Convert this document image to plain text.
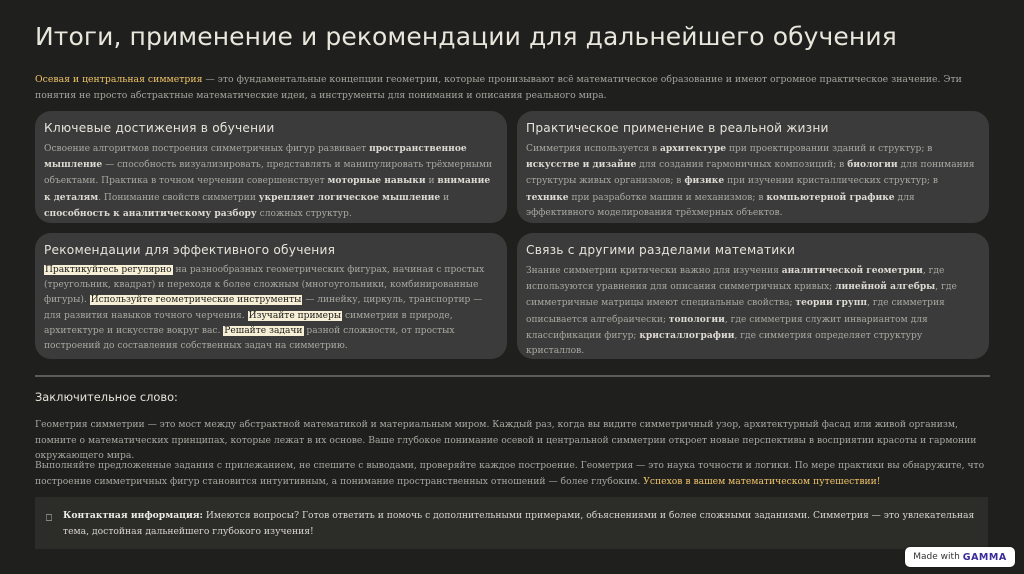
Итоги, применение и рекомендации для дальнейшего обучения

Осевая и центральная симметрия — это фундаментальные концепции геометрии, которые пронизывают всё математическое образование и имеют огромное практическое значение. Эти понятия не просто абстрактные математические идеи, а инструменты для понимания и описания реального мира.

Ключевые достижения в обучении

Освоение алгоритмов построения симметричных фигур развивает пространственное мышление — способность визуализировать, представлять и манипулировать трёхмерными объектами. Практика в точном черчении совершенствует моторные навыки и внимание к деталям. Понимание свойств симметрии укрепляет логическое мышление и способность к аналитическому разбору сложных структур.

Практическое применение в реальной жизни

Симметрия используется в архитектуре при проектировании зданий и структур; в искусстве и дизайне для создания гармоничных композиций; в биологии для понимания структуры живых организмов; в физике при изучении кристаллических структур; в технике при разработке машин и механизмов; в компьютерной графике для эффективного моделирования трёхмерных объектов.

Рекомендации для эффективного обучения

Практикуйтесь регулярно на разнообразных геометрических фигурах, начиная с простых (треугольник, квадрат) и переходя к более сложным (многоугольники, комбинированные фигуры). Используйте геометрические инструменты — линейку, циркуль, транспортир — для развития навыков точного черчения. Изучайте примеры симметрии в природе, архитектуре и искусстве вокруг вас. Решайте задачи разной сложности, от простых построений до составления собственных задач на симметрию.

Связь с другими разделами математики

Знание симметрии критически важно для изучения аналитической геометрии, где используются уравнения для описания симметричных кривых; линейной алгебры, где симметричные матрицы имеют специальные свойства; теории групп, где симметрия описывается алгебраически; топологии, где симметрия служит инвариантом для классификации фигур; кристаллографии, где симметрия определяет структуру кристаллов.

Заключительное слово:

Геометрия симметрии — это мост между абстрактной математикой и материальным миром. Каждый раз, когда вы видите симметричный узор, архитектурный фасад или живой организм, помните о математических принципах, которые лежат в их основе. Ваше глубокое понимание осевой и центральной симметрии откроет новые перспективы в восприятии красоты и гармонии окружающего мира.

Выполняйте предложенные задания с прилежанием, не спешите с выводами, проверяйте каждое построение. Геометрия — это наука точности и логики. По мере практики вы обнаружите, что построение симметричных фигур становится интуитивным, а понимание пространственных отношений — более глубоким. Успехов в вашем математическом путешествии!

⎕ Контактная информация: Имеются вопросы? Готов ответить и помочь с дополнительными примерами, объяснениями и более сложными заданиями. Симметрия — это увлекательная тема, достойная дальнейшего глубокого изучения!
Made with GAMMA
